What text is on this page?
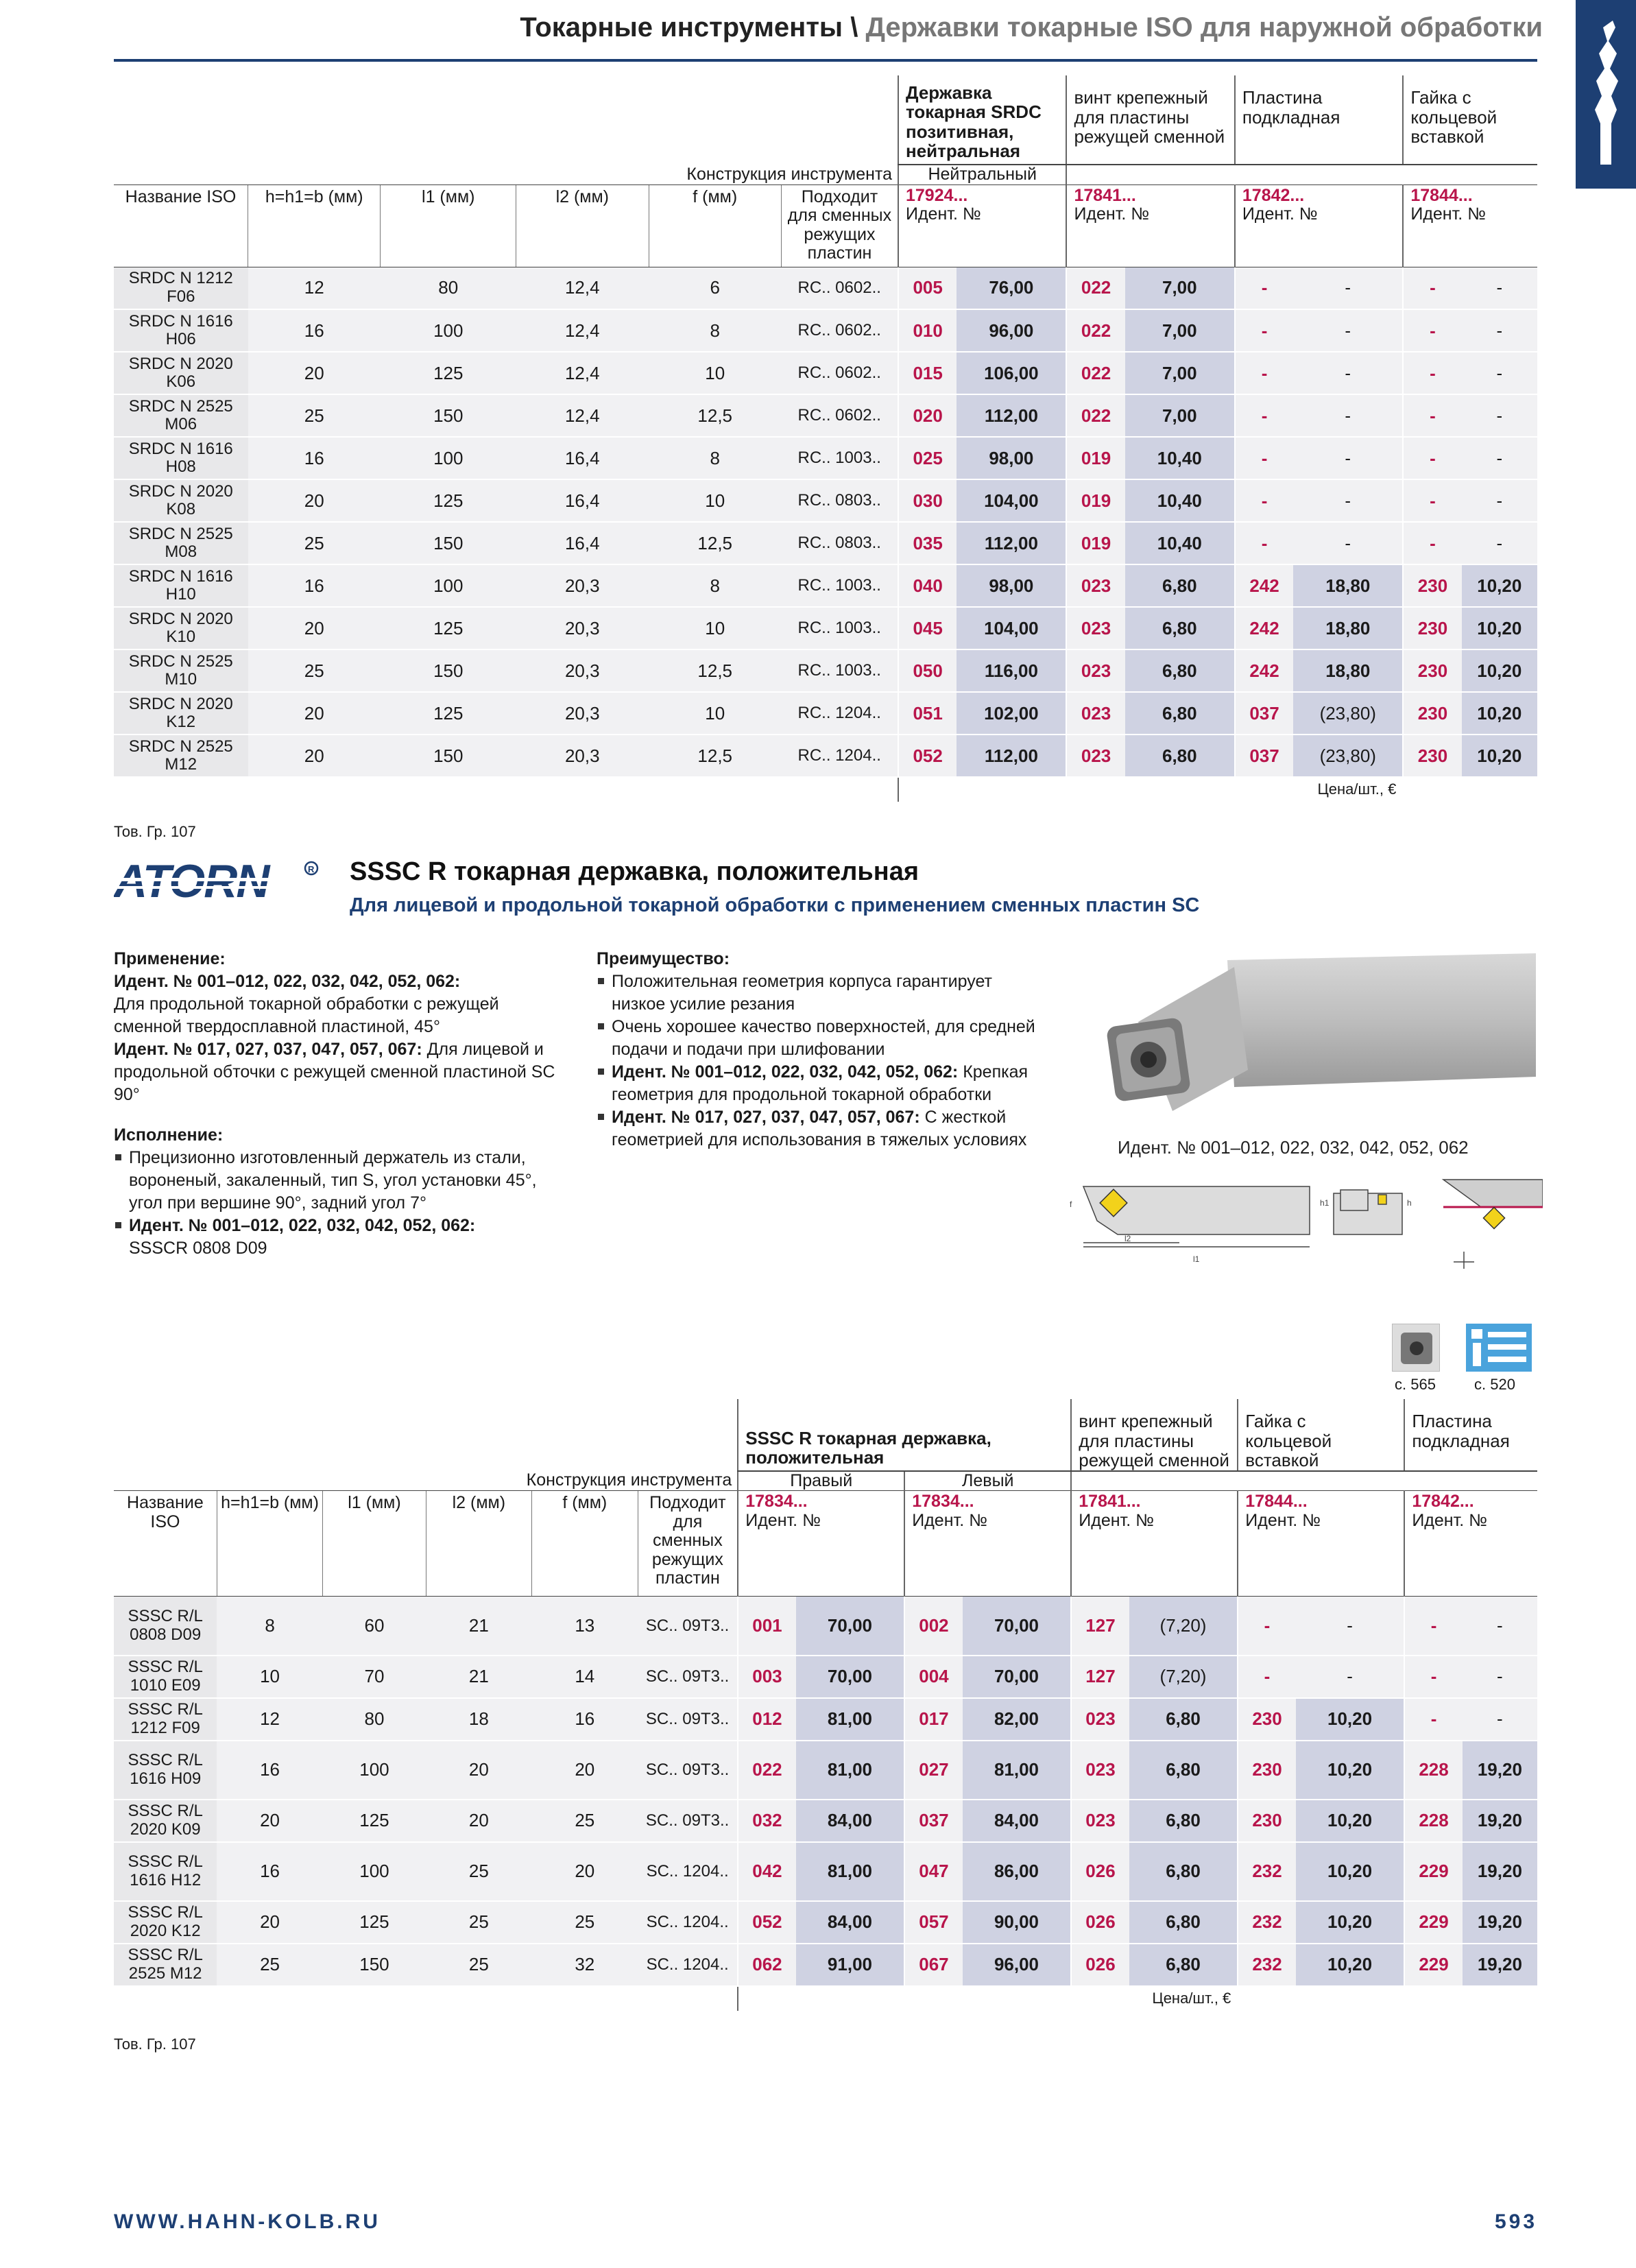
Токарные инструменты \ Державки токарные ISO для наружной обработки
						Державка токарная SRDC позитивная, нейтральная		винт крепежный для пластины режущей сменной		Пластина подкладная		Гайка с кольцевой вставкой	
Конструкция инструмента						Нейтральный							
Название ISO	h=h1=b (мм)	l1 (мм)	l2 (мм)	f (мм)	Подходит для сменных режущих пластин	17924...
Идент. №		17841...
Идент. №		17842...
Идент. №		17844...
Идент. №	
SRDC N 1212 F06	12	80	12,4	6	RC.. 0602..	005	76,00	022	7,00	-	-	-	-
SRDC N 1616 H06	16	100	12,4	8	RC.. 0602..	010	96,00	022	7,00	-	-	-	-
SRDC N 2020 K06	20	125	12,4	10	RC.. 0602..	015	106,00	022	7,00	-	-	-	-
SRDC N 2525 M06	25	150	12,4	12,5	RC.. 0602..	020	112,00	022	7,00	-	-	-	-
SRDC N 1616 H08	16	100	16,4	8	RC.. 1003..	025	98,00	019	10,40	-	-	-	-
SRDC N 2020 K08	20	125	16,4	10	RC.. 0803..	030	104,00	019	10,40	-	-	-	-
SRDC N 2525 M08	25	150	16,4	12,5	RC.. 0803..	035	112,00	019	10,40	-	-	-	-
SRDC N 1616 H10	16	100	20,3	8	RC.. 1003..	040	98,00	023	6,80	242	18,80	230	10,20
SRDC N 2020 K10	20	125	20,3	10	RC.. 1003..	045	104,00	023	6,80	242	18,80	230	10,20
SRDC N 2525 M10	25	150	20,3	12,5	RC.. 1003..	050	116,00	023	6,80	242	18,80	230	10,20
SRDC N 2020 K12	20	125	20,3	10	RC.. 1204..	051	102,00	023	6,80	037	(23,80)	230	10,20
SRDC N 2525 M12	20	150	20,3	12,5	RC.. 1204..	052	112,00	023	6,80	037	(23,80)	230	10,20
						Цена/шт., €							
Тов. Гр. 107
R SSSC R токарная державка, положительная
Для лицевой и продольной токарной обработки с применением сменных пластин SC
Применение:
Идент. № 001–012, 022, 032, 042, 052, 062:
Для продольной токарной обработки с режущей сменной твердосплавной пластиной, 45°
Идент. № 017, 027, 037, 047, 057, 067: Для лицевой и продольной обточки с режущей сменной пластиной SC 90°
Исполнение:
Прецизионно изготовленный держатель из стали, вороненый, закаленный, тип S, угол установки 45°, угол при вершине 90°, задний угол 7°
Идент. № 001–012, 022, 032, 042, 052, 062:
SSSCR 0808 D09
Преимущество:
Положительная геометрия корпуса гарантирует низкое усилие резания
Очень хорошее качество поверхностей, для средней подачи и подачи при шлифовании
Идент. № 001–012, 022, 032, 042, 052, 062: Крепкая геометрия для продольной токарной обработки
Идент. № 017, 027, 037, 047, 057, 067: С жесткой геометрией для использования в тяжелых условиях	Идент. № 001–012, 022, 032, 042, 052, 062
l1
l2
f	h1	h
с. 565	с. 520
						SSSC R токарная державка, положительная				винт крепежный для пластины режущей сменной		Гайка с кольцевой вставкой		Пластина подкладная	
Конструкция инструмента						Правый		Левый							
Название ISO	h=h1=b (мм)	l1 (мм)	l2 (мм)	f (мм)	Подходит для сменных режущих пластин	17834...
Идент. №		17834...
Идент. №		17841...
Идент. №		17844...
Идент. №		17842...
Идент. №	
SSSC R/L 0808 D09	8	60	21	13	SC.. 09T3..	001	70,00	002	70,00	127	(7,20)	-	-	-	-
SSSC R/L 1010 E09	10	70	21	14	SC.. 09T3..	003	70,00	004	70,00	127	(7,20)	-	-	-	-
SSSC R/L 1212 F09	12	80	18	16	SC.. 09T3..	012	81,00	017	82,00	023	6,80	230	10,20	-	-
SSSC R/L 1616 H09	16	100	20	20	SC.. 09T3..	022	81,00	027	81,00	023	6,80	230	10,20	228	19,20
SSSC R/L 2020 K09	20	125	20	25	SC.. 09T3..	032	84,00	037	84,00	023	6,80	230	10,20	228	19,20
SSSC R/L 1616 H12	16	100	25	20	SC.. 1204..	042	81,00	047	86,00	026	6,80	232	10,20	229	19,20
SSSC R/L 2020 K12	20	125	25	25	SC.. 1204..	052	84,00	057	90,00	026	6,80	232	10,20	229	19,20
SSSC R/L 2525 M12	25	150	25	32	SC.. 1204..	062	91,00	067	96,00	026	6,80	232	10,20	229	19,20
						Цена/шт., €									
Тов. Гр. 107
WWW.HAHN-KOLB.RU	593
